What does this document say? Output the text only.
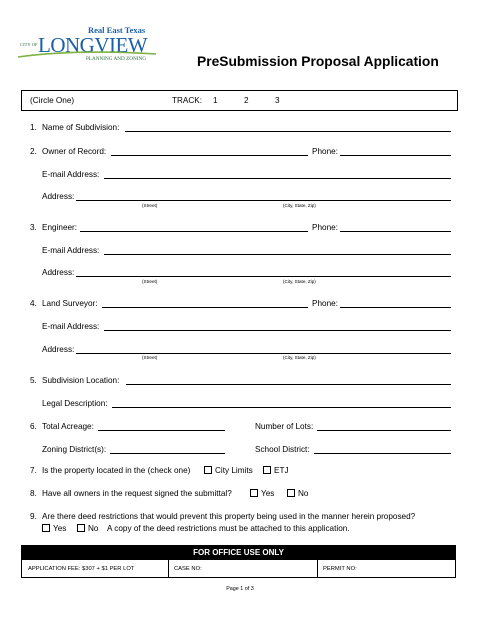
Real East Texas
CITY OF LONGVIEW
PLANNING AND ZONING	PreSubmission Proposal Application
(Circle One)	TRACK: 1	2	3
1. Name of Subdivision:
2. Owner of Record:	Phone:
E-mail Address:
Address:
(Street)	(City, State, Zip)
3. Engineer:	Phone:
E-mail Address:
Address:
(Street)	(City, State, Zip)
4. Land Surveyor:	Phone:
E-mail Address:
Address:
(Street)	(City, State, Zip)
5. Subdivision Location:
Legal Description:
6. Total Acreage:	Number of Lots:
Zoning District(s):	School District:
7. Is the property located in the (check one)	City Limits	ETJ
8. Have all owners in the request signed the submittal?	Yes	No
9. Are there deed restrictions that would prevent this property being used in the manner herein proposed?
Yes	No A copy of the deed restrictions must be attached to this application.
FOR OFFICE USE ONLY
APPLICATION FEE: $307 + $1 PER LOT	CASE NO:	PERMIT NO:
Page 1 of 3
